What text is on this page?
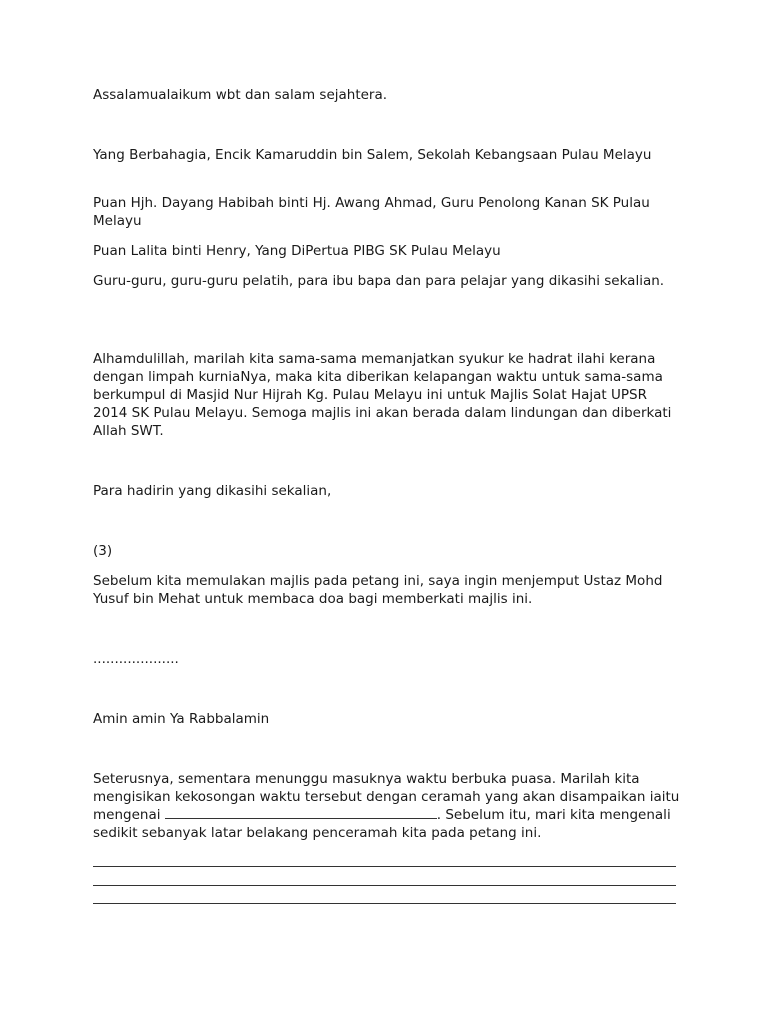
Assalamualaikum wbt dan salam sejahtera.

Yang Berbahagia, Encik Kamaruddin bin Salem, Sekolah Kebangsaan Pulau Melayu

Puan Hjh. Dayang Habibah binti Hj. Awang Ahmad, Guru Penolong Kanan SK Pulau Melayu

Puan Lalita binti Henry, Yang DiPertua PIBG SK Pulau Melayu

Guru-guru, guru-guru pelatih, para ibu bapa dan para pelajar yang dikasihi sekalian.

Alhamdulillah, marilah kita sama-sama memanjatkan syukur ke hadrat ilahi kerana dengan limpah kurniaNya, maka kita diberikan kelapangan waktu untuk sama-sama berkumpul di Masjid Nur Hijrah Kg. Pulau Melayu ini untuk Majlis Solat Hajat UPSR 2014 SK Pulau Melayu. Semoga majlis ini akan berada dalam lindungan dan diberkati Allah SWT.

Para hadirin yang dikasihi sekalian,

(3)

Sebelum kita memulakan majlis pada petang ini, saya ingin menjemput Ustaz Mohd Yusuf bin Mehat untuk membaca doa bagi memberkati majlis ini.

....................

Amin amin Ya Rabbalamin

Seterusnya, sementara menunggu masuknya waktu berbuka puasa. Marilah kita mengisikan kekosongan waktu tersebut dengan ceramah yang akan disampaikan iaitu mengenai	. Sebelum itu, mari kita mengenali sedikit sebanyak latar belakang penceramah kita pada petang ini.
